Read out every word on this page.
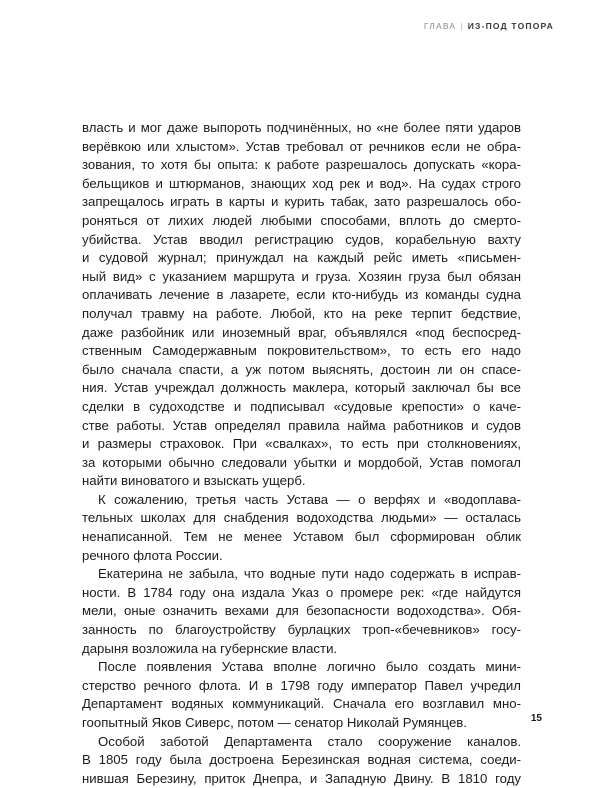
ГЛАВА | ИЗ-ПОД ТОПОРА

власть и мог даже выпороть подчинённых, но «не более пяти ударов
верёвкою или хлыстом». Устав требовал от речников если не обра-
зования, то хотя бы опыта: к работе разрешалось допускать «кора-
бельщиков и штюрманов, знающих ход рек и вод». На судах строго
запрещалось играть в карты и курить табак, зато разрешалось обо-
роняться от лихих людей любыми способами, вплоть до смерто-
убийства. Устав вводил регистрацию судов, корабельную вахту
и судовой журнал; принуждал на каждый рейс иметь «письмен-
ный вид» с указанием маршрута и груза. Хозяин груза был обязан
оплачивать лечение в лазарете, если кто-нибудь из команды судна
получал травму на работе. Любой, кто на реке терпит бедствие,
даже разбойник или иноземный враг, объявлялся «под беспосред-
ственным Самодержавным покровительством», то есть его надо
было сначала спасти, а уж потом выяснять, достоин ли он спасе-
ния. Устав учреждал должность маклера, который заключал бы все
сделки в судоходстве и подписывал «судовые крепости» о каче-
стве работы. Устав определял правила найма работников и судов
и размеры страховок. При «свалках», то есть при столкновениях,
за которыми обычно следовали убытки и мордобой, Устав помогал
найти виноватого и взыскать ущерб.

К сожалению, третья часть Устава — о верфях и «водоплава-
тельных школах для снабдения водоходства людьми» — осталась
ненаписанной. Тем не менее Уставом был сформирован облик
речного флота России.

Екатерина не забыла, что водные пути надо содержать в исправ-
ности. В 1784 году она издала Указ о промере рек: «где найдутся
мели, оные означить вехами для безопасности водоходства». Обя-
занность по благоустройству бурлацких троп-«бечевников» госу-
дарыня возложила на губернские власти.

После появления Устава вполне логично было создать мини-
стерство речного флота. И в 1798 году император Павел учредил
Департамент водяных коммуникаций. Сначала его возглавил мно-
гоопытный Яков Сиверс, потом — сенатор Николай Румянцев.

Особой заботой Департамента стало сооружение каналов.
В 1805 году была достроена Березинская водная система, соеди-
нившая Березину, приток Днепра, и Западную Двину. В 1810 году

15
